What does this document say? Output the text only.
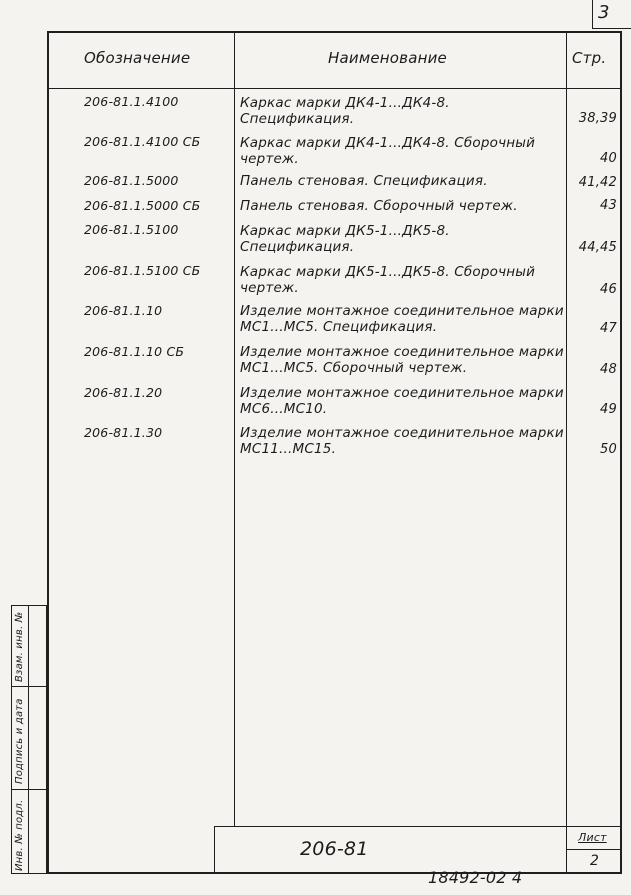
3
Обозначение	Наименование	Стр.
206-81.1.4100	Каркас марки ДК4-1...ДК4-8. Спецификация.	38,39
206-81.1.4100 СБ	Каркас марки ДК4-1...ДК4-8. Сборочный чертеж.	40
206-81.1.5000	Панель стеновая. Спецификация.	41,42
206-81.1.5000 СБ	Панель стеновая. Сборочный чертеж.	43
206-81.1.5100	Каркас марки ДК5-1...ДК5-8. Спецификация.	44,45
206-81.1.5100 СБ	Каркас марки ДК5-1...ДК5-8. Сборочный чертеж.	46
206-81.1.10	Изделие монтажное соединительное марки МС1...МС5. Спецификация.	47
206-81.1.10 СБ	Изделие монтажное соединительное марки МС1...МС5. Сборочный чертеж.	48
206-81.1.20	Изделие монтажное соединительное марки МС6...МС10.	49
206-81.1.30	Изделие монтажное соединительное марки МС11...МС15.	50
206-81
Лист
2
Инв. № подл.
Подпись и дата
Взам. инв. №
18492-02 4
